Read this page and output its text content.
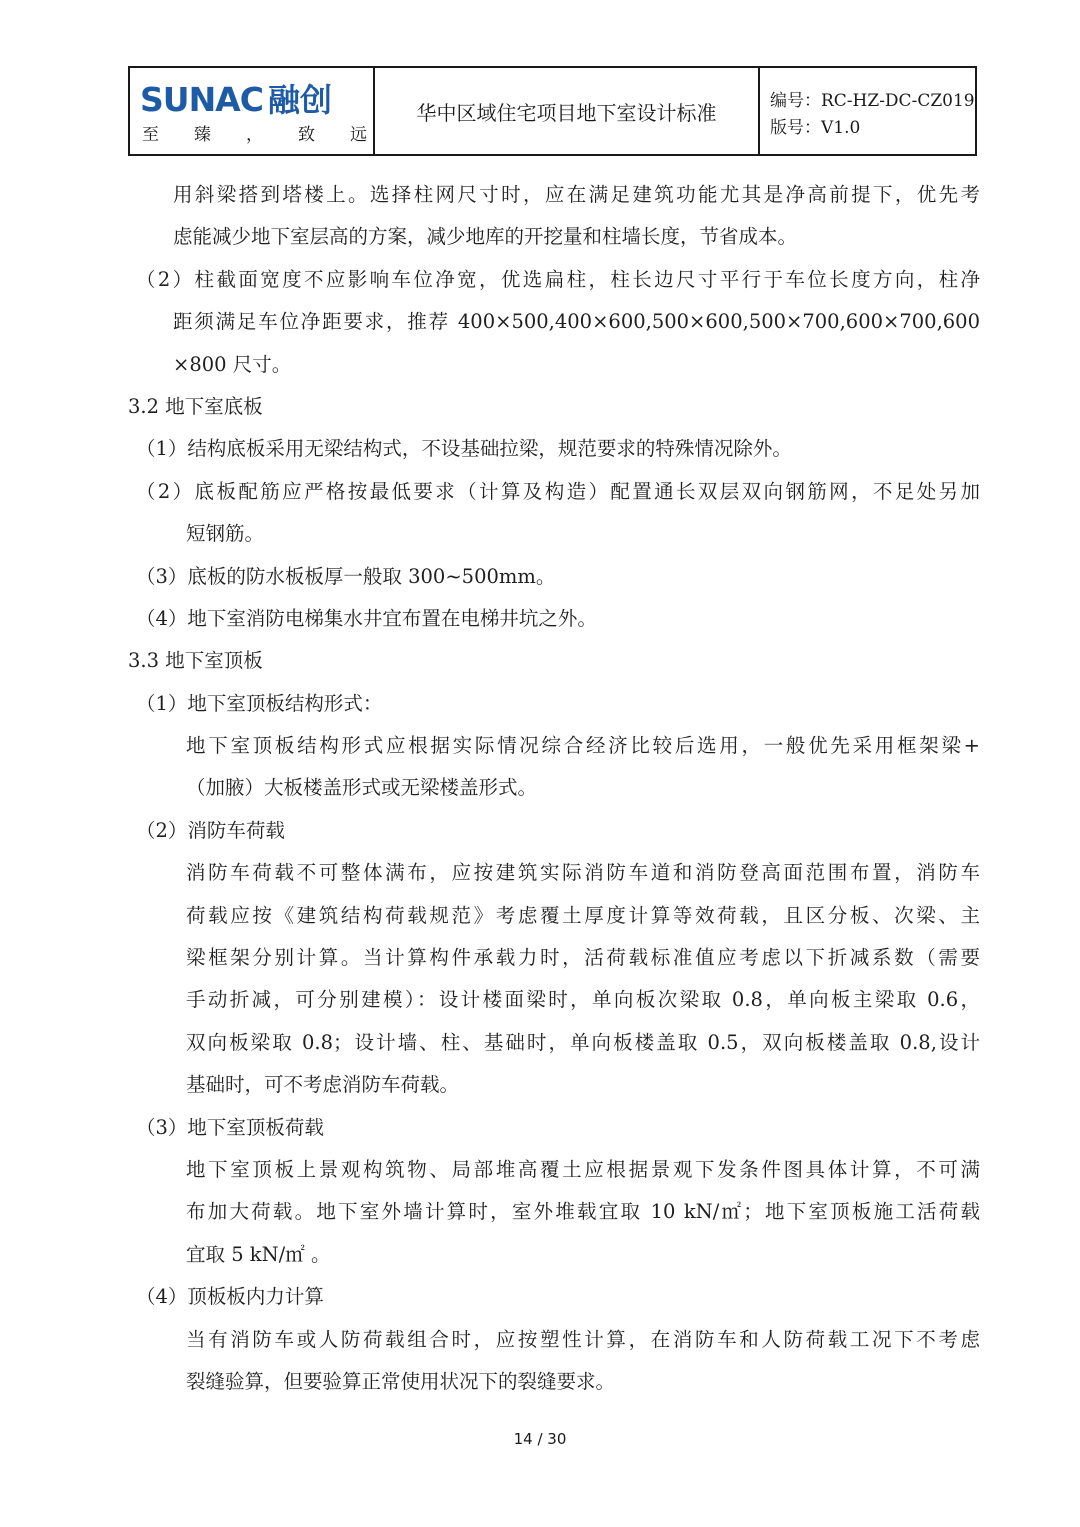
SUNAC 融创
至 臻 ， 致 远
华中区域住宅项目地下室设计标准	编号：RC-HZ-DC-CZ019
版号：V1.0
用斜梁搭到塔楼上。选择柱网尺寸时，应在满足建筑功能尤其是净高前提下，优先考
虑能减少地下室层高的方案，减少地库的开挖量和柱墙长度，节省成本。
（2）柱截面宽度不应影响车位净宽，优选扁柱，柱长边尺寸平行于车位长度方向，柱净
距须满足车位净距要求，推荐 400×500,400×600,500×600,500×700,600×700,600
×800 尺寸。
3.2 地下室底板
（1）结构底板采用无梁结构式，不设基础拉梁，规范要求的特殊情况除外。
（2）底板配筋应严格按最低要求（计算及构造）配置通长双层双向钢筋网，不足处另加
短钢筋。
（3）底板的防水板板厚一般取 300~500mm。
（4）地下室消防电梯集水井宜布置在电梯井坑之外。
3.3 地下室顶板
（1）地下室顶板结构形式：
地下室顶板结构形式应根据实际情况综合经济比较后选用，一般优先采用框架梁+
（加腋）大板楼盖形式或无梁楼盖形式。
（2）消防车荷载
消防车荷载不可整体满布，应按建筑实际消防车道和消防登高面范围布置，消防车
荷载应按《建筑结构荷载规范》考虑覆土厚度计算等效荷载，且区分板、次梁、主
梁框架分别计算。当计算构件承载力时，活荷载标准值应考虑以下折减系数（需要
手动折减，可分别建模）：设计楼面梁时，单向板次梁取 0.8，单向板主梁取 0.6，
双向板梁取 0.8；设计墙、柱、基础时，单向板楼盖取 0.5，双向板楼盖取 0.8,设计
基础时，可不考虑消防车荷载。
（3）地下室顶板荷载
地下室顶板上景观构筑物、局部堆高覆土应根据景观下发条件图具体计算，不可满
布加大荷载。地下室外墙计算时，室外堆载宜取 10 kN/㎡；地下室顶板施工活荷载
宜取 5 kN/㎡ 。
（4）顶板板内力计算
当有消防车或人防荷载组合时，应按塑性计算，在消防车和人防荷载工况下不考虑
裂缝验算，但要验算正常使用状况下的裂缝要求。
14 / 30
